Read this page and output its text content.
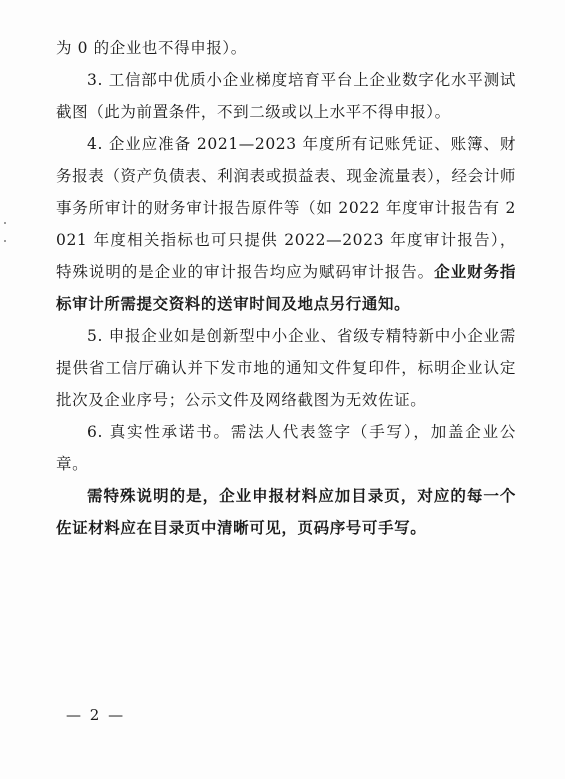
为 0 的企业也不得申报）。

3. 工信部中优质小企业梯度培育平台上企业数字化水平测试截图（此为前置条件，不到二级或以上水平不得申报）。

4. 企业应准备 2021—2023 年度所有记账凭证、账簿、财务报表（资产负债表、利润表或损益表、现金流量表），经会计师事务所审计的财务审计报告原件等（如 2022 年度审计报告有 2021 年度相关指标也可只提供 2022—2023 年度审计报告），特殊说明的是企业的审计报告均应为赋码审计报告。企业财务指标审计所需提交资料的送审时间及地点另行通知。

5. 申报企业如是创新型中小企业、省级专精特新中小企业需提供省工信厅确认并下发市地的通知文件复印件，标明企业认定批次及企业序号；公示文件及网络截图为无效佐证。

6. 真实性承诺书。需法人代表签字（手写），加盖企业公章。

需特殊说明的是，企业申报材料应加目录页，对应的每一个佐证材料应在目录页中清晰可见，页码序号可手写。

— 2 —
